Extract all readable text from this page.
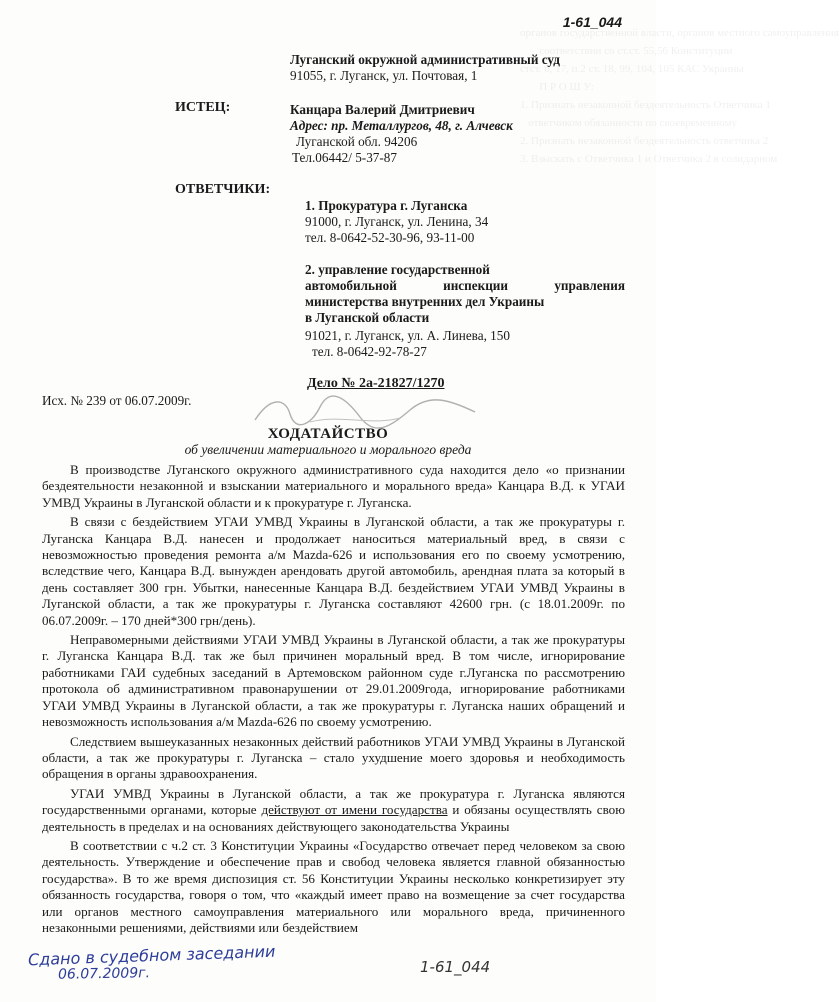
органов государственной власти, органов местного самоуправления
соответствии со ст.ст. 55,56 Конституции
стст. 6, 17, п.2 ст. 18, 99, 104, 105 КАС Украины
П Р О Ш У:
1. Признать незаконной бездеятельность Ответчика 1
ответчиком обязанности по своевременному
2. Признать незаконной бездеятельность ответчика 2
3. Взыскать с Ответчика 1 и Ответчика 2 в солидарном
1-61_044
Луганский окружной административный суд
91055, г. Луганск, ул. Почтовая, 1
ИСТЕЦ:	Канцара Валерий Дмитриевич
Адрес: пр. Металлургов, 48, г. Алчевск
Луганской обл. 94206
Тел.06442/ 5-37-87
ОТВЕТЧИКИ:
1. Прокуратура г. Луганска
91000, г. Луганск, ул. Ленина, 34
тел. 8-0642-52-30-96, 93-11-00
2. управление государственной
автомобильной	инспекции	управления
министерства внутренних дел Украины
в Луганской области
91021, г. Луганск, ул. А. Линева, 150
тел. 8-0642-92-78-27
Дело № 2а-21827/1270
Исх. № 239 от 06.07.2009г.
ХОДАТАЙСТВО
об увеличении материального и морального вреда

В производстве Луганского окружного административного суда находится дело «о признании бездеятельности незаконной и взыскании материального и морального вреда» Канцара В.Д. к УГАИ УМВД Украины в Луганской области и к прокуратуре г. Луганска.

В связи с бездействием УГАИ УМВД Украины в Луганской области, а так же прокуратуры г. Луганска Канцара В.Д. нанесен и продолжает наноситься материальный вред, в связи с невозможностью проведения ремонта а/м Mazda-626 и использования его по своему усмотрению, вследствие чего, Канцара В.Д. вынужден арендовать другой автомобиль, арендная плата за который в день составляет 300 грн. Убытки, нанесенные Канцара В.Д. бездействием УГАИ УМВД Украины в Луганской области, а так же прокуратуры г. Луганска составляют 42600 грн. (с 18.01.2009г. по 06.07.2009г. – 170 дней*300 грн/день).

Неправомерными действиями УГАИ УМВД Украины в Луганской области, а так же прокуратуры г. Луганска Канцара В.Д. так же был причинен моральный вред. В том числе, игнорирование работниками ГАИ судебных заседаний в Артемовском районном суде г.Луганска по рассмотрению протокола об административном правонарушении от 29.01.2009года, игнорирование работниками УГАИ УМВД Украины в Луганской области, а так же прокуратуры г. Луганска наших обращений и невозможность использования а/м Mazda-626 по своему усмотрению.

Следствием вышеуказанных незаконных действий работников УГАИ УМВД Украины в Луганской области, а так же прокуратуры г. Луганска – стало ухудшение моего здоровья и необходимость обращения в органы здравоохранения.

УГАИ УМВД Украины в Луганской области, а так же прокуратура г. Луганска являются государственными органами, которые действуют от имени государства и обязаны осуществлять свою деятельность в пределах и на основаниях действующего законодательства Украины

В соответствии с ч.2 ст. 3 Конституции Украины «Государство отвечает перед человеком за свою деятельность. Утверждение и обеспечение прав и свобод человека является главной обязанностью государства». В то же время диспозиция ст. 56 Конституции Украины несколько конкретизирует эту обязанность государства, говоря о том, что «каждый имеет право на возмещение за счет государства или органов местного самоуправления материального или морального вреда, причиненного незаконными решениями, действиями или бездействием

Сдано в судебном заседании
06.07.2009г.	1-61_044
